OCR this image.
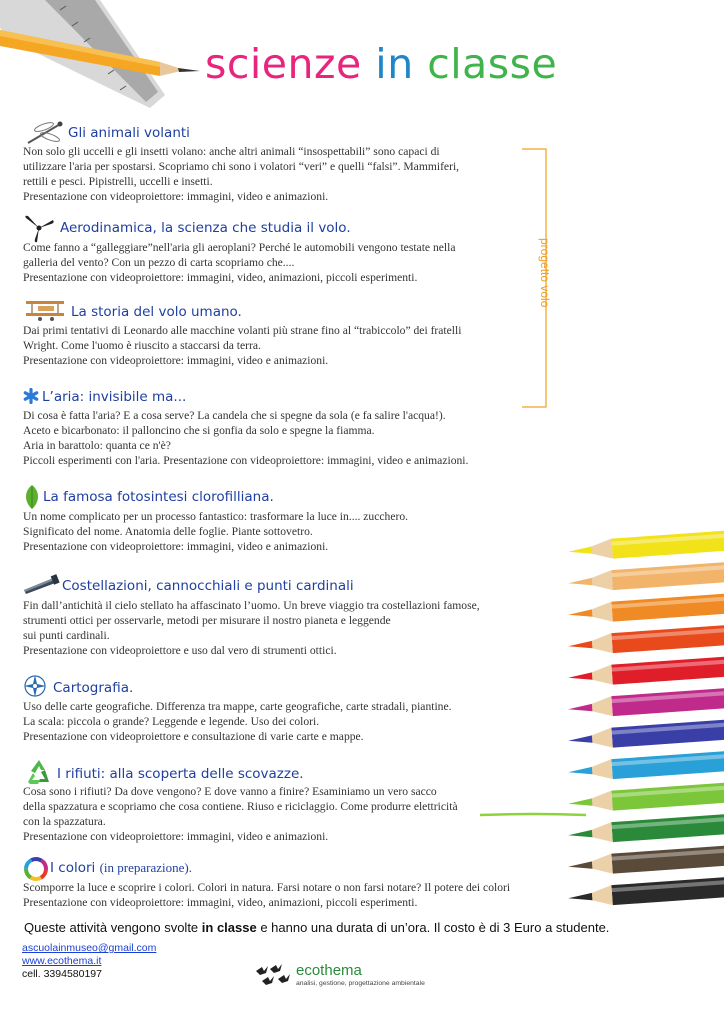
scienze in classe
progetto volo
Gli animali volanti

Non solo gli uccelli e gli insetti volano: anche altri animali “insospettabili” sono capaci di

utilizzare l'aria per spostarsi. Scopriamo chi sono i volatori “veri” e quelli “falsi”. Mammiferi,

rettili e pesci. Pipistrelli, uccelli e insetti.

Presentazione con videoproiettore: immagini, video e animazioni.

Aerodinamica, la scienza che studia il volo.

Come fanno a “galleggiare”nell'aria gli aeroplani? Perché le automobili vengono testate nella

galleria del vento? Con un pezzo di carta scopriamo che....

Presentazione con videoproiettore: immagini, video, animazioni, piccoli esperimenti.

La storia del volo umano.

Dai primi tentativi di Leonardo alle macchine volanti più strane fino al “trabiccolo” dei fratelli

Wright. Come l'uomo è riuscito a staccarsi da terra.

Presentazione con videoproiettore: immagini, video e animazioni.

L’aria: invisibile ma...

Di cosa è fatta l'aria? E a cosa serve? La candela che si spegne da sola (e fa salire l'acqua!).

Aceto e bicarbonato: il palloncino che si gonfia da solo e spegne la fiamma.

Aria in barattolo: quanta ce n'è?

Piccoli esperimenti con l'aria. Presentazione con videoproiettore: immagini, video e animazioni.

La famosa fotosintesi clorofilliana.

Un nome complicato per un processo fantastico: trasformare la luce in.... zucchero.

Significato del nome. Anatomia delle foglie. Piante sottovetro.

Presentazione con videoproiettore: immagini, video e animazioni.

Costellazioni, cannocchiali e punti cardinali

Fin dall’antichità il cielo stellato ha affascinato l’uomo. Un breve viaggio tra costellazioni famose,

strumenti ottici per osservarle, metodi per misurare il nostro pianeta e leggende

sui punti cardinali.

Presentazione con videoproiettore e uso dal vero di strumenti ottici.

Cartografia.

Uso delle carte geografiche. Differenza tra mappe, carte geografiche, carte stradali, piantine.

La scala: piccola o grande? Leggende e legende. Uso dei colori.

Presentazione con videoproiettore e consultazione di varie carte e mappe.

I rifiuti: alla scoperta delle scovazze.

Cosa sono i rifiuti? Da dove vengono? E dove vanno a finire? Esaminiamo un vero sacco

della spazzatura e scopriamo che cosa contiene. Riuso e riciclaggio. Come produrre elettricità

con la spazzatura.

Presentazione con videoproiettore: immagini, video e animazioni.

I colori (in preparazione).

Scomporre la luce e scoprire i colori. Colori in natura. Farsi notare o non farsi notare? Il potere dei colori

Presentazione con videoproiettore: immagini, video, animazioni, piccoli esperimenti.

Queste attività vengono svolte in classe e hanno una durata di un’ora. Il costo è di 3 Euro a studente.
ascuolainmuseo@gmail.com
www.ecothema.it
cell. 3394580197	ecothema
analisi, gestione, progettazione ambientale
